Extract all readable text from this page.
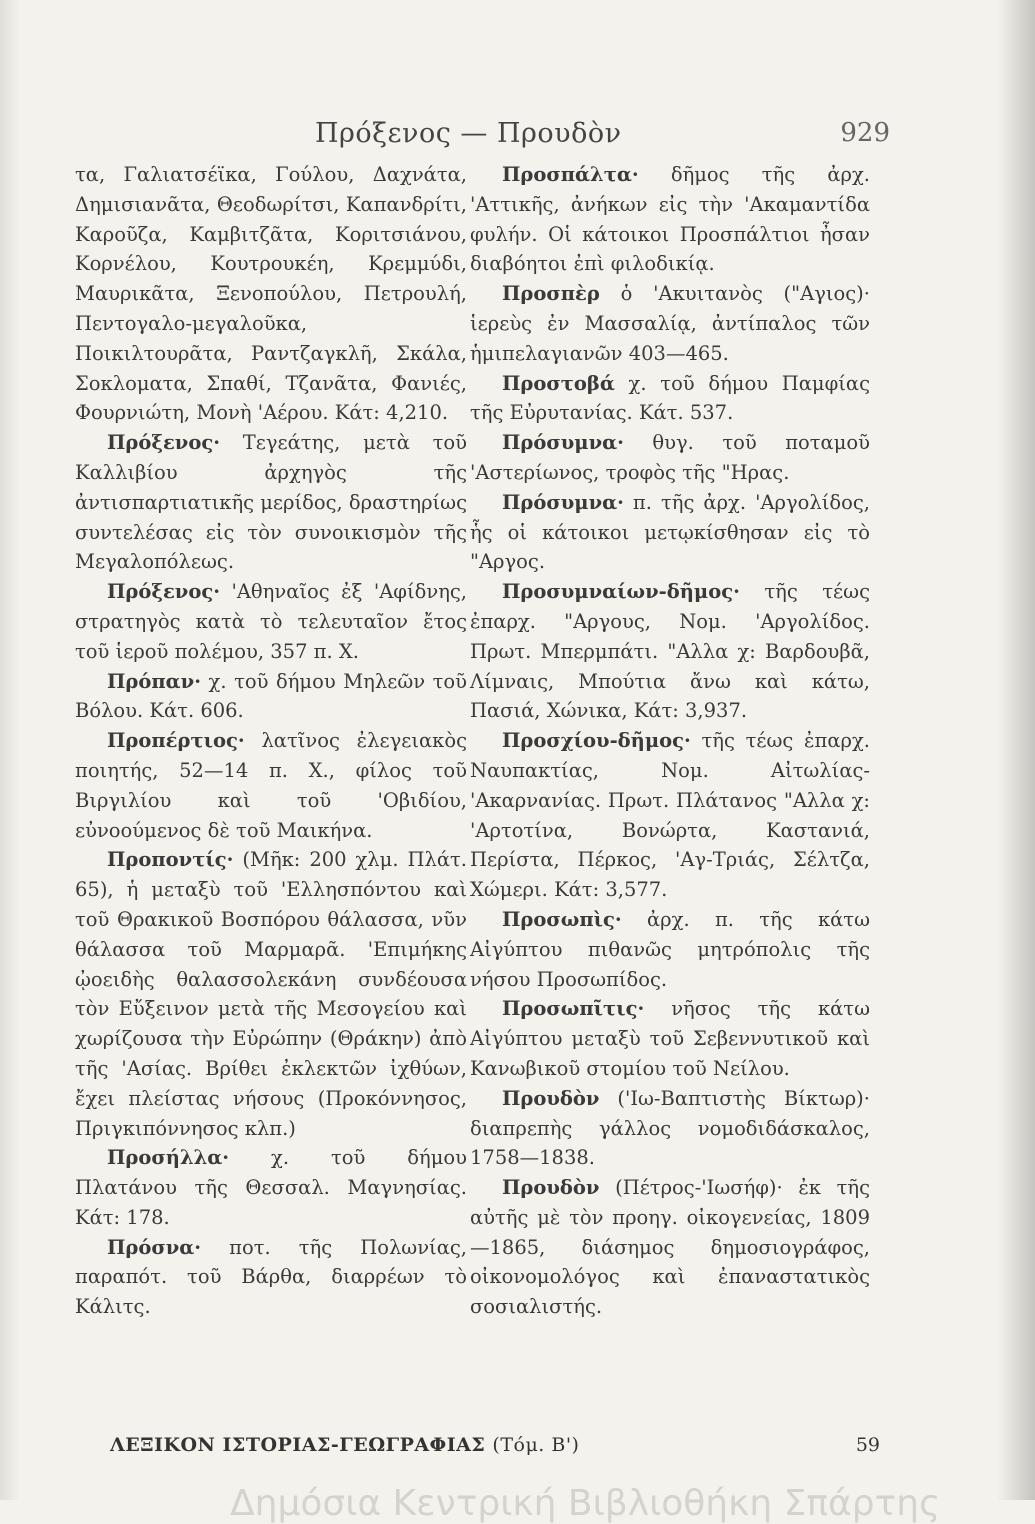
Πρόξενος — Προυδὸν	929

τα, Γαλιατσέϊκα, Γούλου, Δαχνάτα, Δημισιανᾶτα, Θεοδωρίτσι, Καπανδρίτι, Καροῦζα, Καμβιτζᾶτα, Κοριτσιάνου, Κορνέλου, Κουτρουκέη, Κρεμμύδι, Μαυρικᾶτα, Ξενοπούλου, Πετρουλή, Πεντογαλο-μεγαλοῦκα, Ποικιλτουρᾶτα, Ραντζαγκλῆ, Σκάλα, Σοκλοματα, Σπαθί, Τζανᾶτα, Φανιές, Φουρνιώτη, Μονὴ 'Αέρου. Κάτ: 4,210.

Πρόξενος· Τεγεάτης, μετὰ τοῦ Καλλιβίου ἀρχηγὸς τῆς ἀντισπαρτιατικῆς μερίδος, δραστηρίως συντελέσας εἰς τὸν συνοικισμὸν τῆς Μεγαλοπόλεως.

Πρόξενος· 'Αθηναῖος ἐξ 'Αφίδνης, στρατηγὸς κατὰ τὸ τελευταῖον ἔτος τοῦ ἱεροῦ πολέμου, 357 π. Χ.

Πρόπαν· χ. τοῦ δήμου Μηλεῶν τοῦ Βόλου. Κάτ. 606.

Προπέρτιος· λατῖνος ἐλεγειακὸς ποιητής, 52—14 π. Χ., φίλος τοῦ Βιργιλίου καὶ τοῦ 'Οβιδίου, εὐνοούμενος δὲ τοῦ Μαικήνα.

Προποντίς· (Μῆκ: 200 χλμ. Πλάτ. 65), ἡ μεταξὺ τοῦ 'Ελλησπόντου καὶ τοῦ Θρακικοῦ Βοσπόρου θάλασσα, νῦν θάλασσα τοῦ Μαρμαρᾶ. 'Επιμήκης ᾠοειδὴς θαλασσολεκάνη συνδέουσα τὸν Εὔξεινον μετὰ τῆς Μεσογείου καὶ χωρίζουσα τὴν Εὐρώπην (Θράκην) ἀπὸ τῆς 'Ασίας. Βρίθει ἐκλεκτῶν ἰχθύων, ἔχει πλείστας νήσους (Προκόννησος, Πριγκιπόννησος κλπ.)

Προσήλλα· χ. τοῦ δήμου Πλατάνου τῆς Θεσσαλ. Μαγνησίας. Κάτ: 178.

Πρόσνα· ποτ. τῆς Πολωνίας, παραπότ. τοῦ Βάρθα, διαρρέων τὸ Κάλιτς.

Προσπάλτα· δῆμος τῆς ἀρχ. 'Αττικῆς, ἀνήκων εἰς τὴν 'Ακαμαντίδα φυλήν. Οἱ κάτοικοι Προσπάλτιοι ἦσαν διαβόητοι ἐπὶ φιλοδικίᾳ.

Προσπὲρ ὁ 'Ακυιτανὸς ("Αγιος)· ἱερεὺς ἐν Μασσαλίᾳ, ἀντίπαλος τῶν ἡμιπελαγιανῶν 403—465.

Προστοβά χ. τοῦ δήμου Παμφίας τῆς Εὐρυτανίας. Κάτ. 537.

Πρόσυμνα· θυγ. τοῦ ποταμοῦ 'Αστερίωνος, τροφὸς τῆς "Ηρας.

Πρόσυμνα· π. τῆς ἀρχ. 'Αργολίδος, ἧς οἱ κάτοικοι μετῳκίσθησαν εἰς τὸ "Αργος.

Προσυμναίων-δῆμος· τῆς τέως ἐπαρχ. "Αργους, Νομ. 'Αργολίδος. Πρωτ. Μπερμπάτι. "Αλλα χ: Βαρδουβᾶ, Λίμναις, Μπούτια ἄνω καὶ κάτω, Πασιά, Χώνικα, Κάτ: 3,937.

Προσχίου-δῆμος· τῆς τέως ἐπαρχ. Ναυπακτίας, Νομ. Αἰτωλίας-'Ακαρνανίας. Πρωτ. Πλάτανος "Αλλα χ: 'Αρτοτίνα, Βονώρτα, Καστανιά, Περίστα, Πέρκος, 'Αγ-Τριάς, Σέλτζα, Χώμερι. Κάτ: 3,577.

Προσωπὶς· ἀρχ. π. τῆς κάτω Αἰγύπτου πιθανῶς μητρόπολις τῆς νήσου Προσωπίδος.

Προσωπῖτις· νῆσος τῆς κάτω Αἰγύπτου μεταξὺ τοῦ Σεβεννυτικοῦ καὶ Κανωβικοῦ στομίου τοῦ Νείλου.

Προυδὸν ('Ιω-Βαπτιστὴς Βίκτωρ)· διαπρεπὴς γάλλος νομοδιδάσκαλος, 1758—1838.

Προυδὸν (Πέτρος-'Ιωσήφ)· ἐκ τῆς αὐτῆς μὲ τὸν προηγ. οἰκογενείας, 1809—1865, διάσημος δημοσιογράφος, οἰκονομολόγος καὶ ἐπαναστατικὸς σοσιαλιστής.

ΛΕΞΙΚΟΝ ΙΣΤΟΡΙΑΣ-ΓΕΩΓΡΑΦΙΑΣ (Τόμ. Β')	59
Δημόσια Κεντρική Βιβλιοθήκη Σπάρτης
